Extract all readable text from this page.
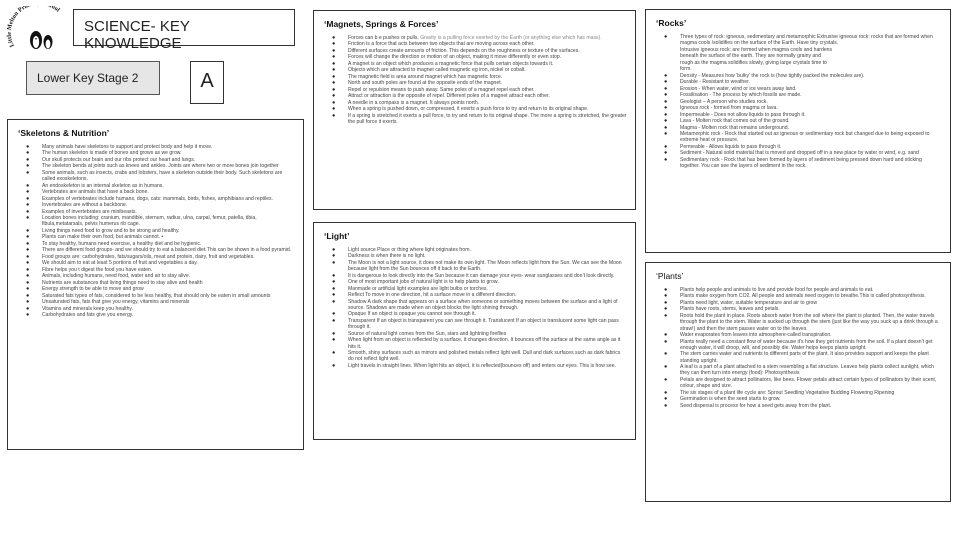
Little Melton Pri ool
SCIENCE- KEY KNOWLEDGE
Lower Key Stage 2	A
‘Skeletons & Nutrition’
● Many animals have skeletons to support and protect body and help it move.
● The human skeleton is made of bones and grows as we grow.
● Our skull protects our brain and our ribs protect our heart and lungs.
● The skeleton bends at joints such as knees and ankles. Joints are where two or more bones join together
● Some animals, such as insects, crabs and lobsters, have a skeleton outside their body. Such skeletons are called exoskeletons.
● An endoskeleton is an internal skeleton as in humans.
● Vertebrates are animals that have a back bone.
● Examples of vertebrates include humans, dogs, cats: mammals, birds, fishes, amphibians and reptiles.
● Invertebrates are without a backbone.
● Examples of invertebrates are minibeasts.
● Location bones including: cranium, mandible, sternum, radius, ulna, carpal, femur, patella, tibia, fibula,metatarsals, pelvis humerus rib cage.
● Living things need food to grow and to be strong and healthy.
● Plants can make their own food, but animals cannot. •
● To stay healthy, humans need exercise, a healthy diet and be hygienic.
● There are different food groups- and we should try to eat a balanced diet.This can be shown in a food pyramid.
● Food groups are: carbohydrates, fats/sugars/oils, meat and protein, dairy, fruit and vegetables.
● We should aim to eat at least 5 portions of fruit and vegetables a day.
● Fibre helps you t digest the food you have eaten.
● Animals, including humans, need food, water and air to stay alive.
● Nutrients are substances that living things need to stay alive and health
● Energy strength to be able to move and grow
● Saturated fats types of fats, considered to be less healthy, that should only be eaten in small amounts
● Unsaturated fats, fats that give you energy, vitamins and minerals
● Vitamins and minerals keep you healthy.
● Carbohydrates and fats give you energy.
‘Magnets, Springs & Forces’
● Forces can b e pushes or pulls. Gravity is a pulling force exerted by the Earth (or anything else which has mass).
● Friction is a force that acts between two objects that are moving across each other.
● Different surfaces create amounts of friction. This depends on the roughness or texture of the surfaces.
● Forces will change the direction or motion of an object, making it move differently or even stop.
● A magnet is an object which produces a magnetic force that pulls certain objects towards it.
● Objects which are attracted to magnet called magnetic eg iron, nickel or cobalt.
● The magnetic field is area around magnet which has magnetic force.
● North and south poles are found at the opposite ends of the magnet.
● Repel or repulsion means to push away. Same poles of a magnet repel each other.
● Attract or attraction is the opposite of repel. Different poles of a magnet attract each other.
● A needle in a compass is a magnet. It always points north.
● When a spring is pushed down, or compressed, it exerts a push force to try and return to its original shape.
● If a spring is stretched it exerts a pull force, to try and return to its original shape. The more a spring is stretched, the greater the pull force it exerts.
‘Light’
● Light source Place or thing where light originates from.
● Darkness is when there is no light.
● The Moon is not a light source, it does not make its own light. The Moon reflects light from the Sun. We can see the Moon because light from the Sun bounces off it back to the Earth.
● It is dangerous to look directly into the Sun because it can damage your eyes- wear sunglasses and don’t look directly.
● One of most important jobs of natural light is to help plants to grow.
● Manmade or artificial light examples are light bulbs or torches.
● Reflect To move in one direction, hit a surface move in a different direction.
● Shadow A dark shape that appears on a surface when someone or something moves between the surface and a light of source. Shadows are made when an object blocks the light shining through.
● Opaque If an object is opaque you cannot see through it.
● Transparent If an object is transparent you can see through it. Translucent If an object is translucent some light can pass through it.
● Source of natural light comes from the Sun, stars and lightning fireflies
● When light from an object is reflected by a surface, it changes direction. It bounces off the surface at the same angle as it hits it.
● Smooth, shiny surfaces such as mirrors and polished metals reflect light well. Dull and dark surfaces such as dark fabrics do not reflect light well.
● Light travels in straight lines. When light hits an object, it is reflected(bounces off) and enters our eyes. This is how see.
‘Rocks’
● Three types of rock: igneous, sedimentary and metamorphic Extrusive igneous rock: rocks that are formed when magma cools /solidifies on the surface of the Earth. Have tiny crystals.
Intrusive igneous rock: are formed when magma cools and hardens
beneath the surface of the earth. They are normally grainy and
rough as the magma solidifies slowly, giving large crystals time to
form.
● Density - Measures how ‘bulky’ the rock is (how tightly packed the molecules are).
● Durable - Resistant to weather.
● Erosion - When water, wind or ice wears away land.
● Fossilisation - The process by which fossils are made.
● Geologist – A person who studies rock.
● Igneous rock - formed from magma or lava.
● Impermeable - Does not allow liquids to pass through it.
● Lava - Molten rock that comes out of the ground.
● Magma - Molten rock that remains underground.
● Metamorphic rock - Rock that started out as igneous or sedimentary rock but changed due to being exposed to extreme heat or pressure.
● Permeable - Allows liquids to pass through it.
● Sediment - Natural solid material that is moved and dropped off in a new place by water or wind, e.g. sand
● Sedimentary rock - Rock that has been formed by layers of sediment being pressed down hard and sticking together. You can see the layers of sediment in the rock.
‘Plants’
● Plants help people and animals to live and provide food for people and animals to eat.
● Plants make oxygen from CO2. All people and animals need oxygen to breathe.This is called photosynthesis.
● Plants need light, water, suitable temperature and air to grow
● Plants have roots, stems, leaves and petals.
● Roots hold the plant in place. Roots absorb water from the soil where the plant is planted. Then, the water travels through the plant to the stem. Water is sucked up through the stem (just like the way you suck up a drink through a straw!) and then the stem passes water on to the leaves.
● Water evaporates from leaves into atmosphere-called transpiration.
● Plants really need a constant flow of water because it's how they get nutrients from the soil. If a plant doesn't get enough water, it will droop, wilt, and possibly die. Water helps keeps plants upright.
● The stem carries water and nutrients to different parts of the plant. It also provides support and keeps the plant standing upright.
● A leaf is a part of a plant attached to a stem resembling a flat structure. Leaves help plants collect sunlight, which they can then turn into energy (food): Photosynthesis
● Petals are designed to attract pollinators, like bees. Flower petals attract certain types of pollinators by their scent, colour, shape and size.
● The six stages of a plant life cycle are: Sprout Seedling Vegetative Budding Flowering Ripening
● Germination is when the seed starts to grow.
● Seed dispersal is process for how a seed gets away from the plant.
